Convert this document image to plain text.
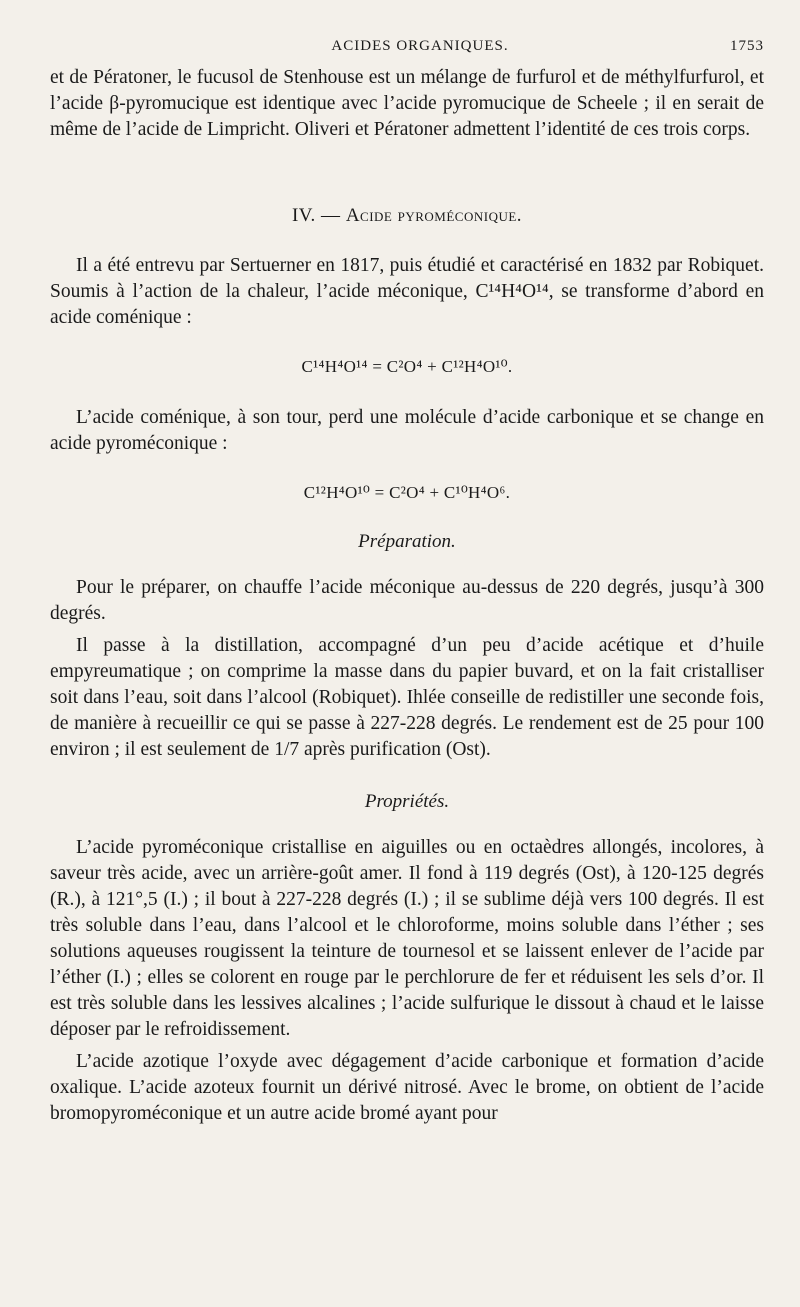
ACIDES ORGANIQUES.	1753

et de Pératoner, le fucusol de Stenhouse est un mélange de furfurol et de méthylfurfurol, et l’acide β-pyromucique est identique avec l’acide pyromucique de Scheele ; il en serait de même de l’acide de Limpricht. Oliveri et Pératoner admettent l’identité de ces trois corps.

IV. — Acide pyroméconique.

Il a été entrevu par Sertuerner en 1817, puis étudié et caractérisé en 1832 par Robiquet. Soumis à l’action de la chaleur, l’acide méconique, C¹⁴H⁴O¹⁴, se transforme d’abord en acide coménique :

C¹⁴H⁴O¹⁴ = C²O⁴ + C¹²H⁴O¹⁰.

L’acide coménique, à son tour, perd une molécule d’acide carbonique et se change en acide pyroméconique :

C¹²H⁴O¹⁰ = C²O⁴ + C¹⁰H⁴O⁶.
Préparation.

Pour le préparer, on chauffe l’acide méconique au-dessus de 220 degrés, jusqu’à 300 degrés.

Il passe à la distillation, accompagné d’un peu d’acide acétique et d’huile empyreumatique ; on comprime la masse dans du papier buvard, et on la fait cristalliser soit dans l’eau, soit dans l’alcool (Robiquet). Ihlée conseille de redistiller une seconde fois, de manière à recueillir ce qui se passe à 227-228 degrés. Le rendement est de 25 pour 100 environ ; il est seulement de 1/7 après purification (Ost).

Propriétés.

L’acide pyroméconique cristallise en aiguilles ou en octaèdres allongés, incolores, à saveur très acide, avec un arrière-goût amer. Il fond à 119 degrés (Ost), à 120-125 degrés (R.), à 121°,5 (I.) ; il bout à 227-228 degrés (I.) ; il se sublime déjà vers 100 degrés. Il est très soluble dans l’eau, dans l’alcool et le chloroforme, moins soluble dans l’éther ; ses solutions aqueuses rougissent la teinture de tournesol et se laissent enlever de l’acide par l’éther (I.) ; elles se colorent en rouge par le perchlorure de fer et réduisent les sels d’or. Il est très soluble dans les lessives alcalines ; l’acide sulfurique le dissout à chaud et le laisse déposer par le refroidissement.

L’acide azotique l’oxyde avec dégagement d’acide carbonique et formation d’acide oxalique. L’acide azoteux fournit un dérivé nitrosé. Avec le brome, on obtient de l’acide bromopyroméconique et un autre acide bromé ayant pour
